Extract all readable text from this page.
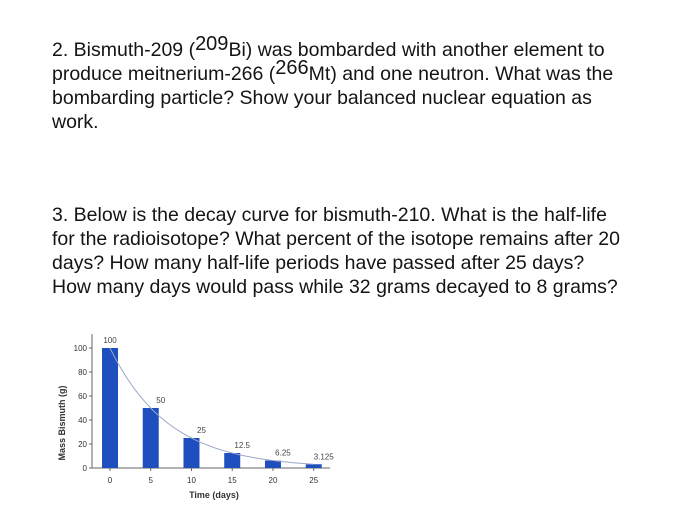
2. Bismuth-209 ($^{209}$Bi) was bombarded with another element to
produce meitnerium-266 ($^{266}$Mt) and one neutron. What was the
bombarding particle? Show your balanced nuclear equation as
work.
3. Below is the decay curve for bismuth-210. What is the half-life
for the radioisotope? What percent of the isotope remains after 20
days? How many half-life periods have passed after 25 days?
How many days would pass while 32 grams decayed to 8 grams?
Mass Bismuth (g)
0
20
40
60
80
100
0	5	10	15	20	25
100
50
25
12.5
6.25	3.125
Time (days)
